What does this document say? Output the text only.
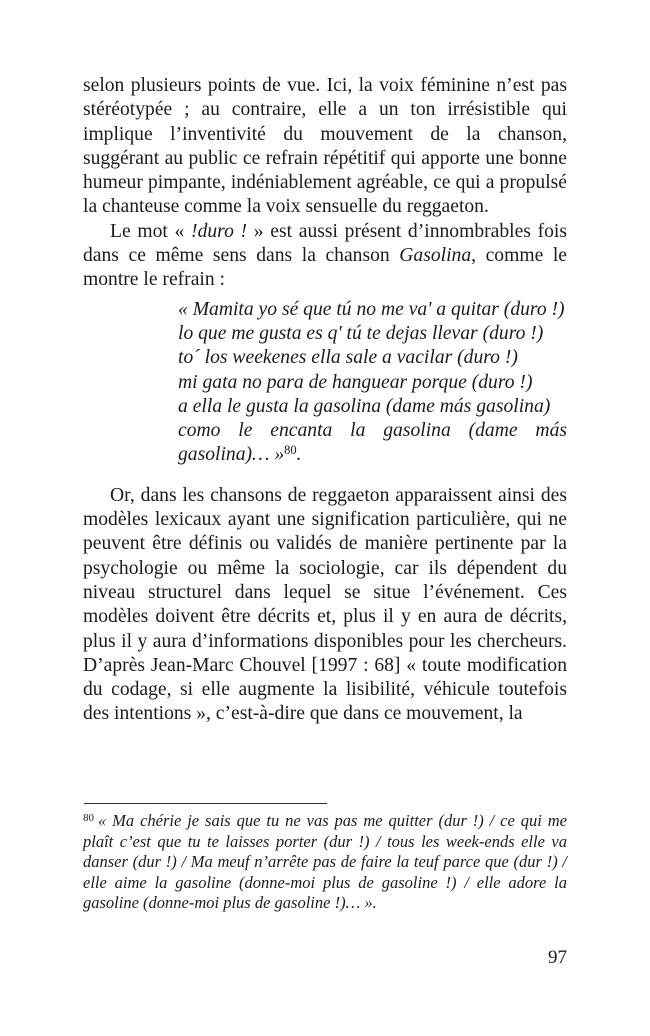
selon plusieurs points de vue. Ici, la voix féminine n’est pas stéréotypée ; au contraire, elle a un ton irrésistible qui implique l’inventivité du mouvement de la chanson, suggérant au public ce refrain répétitif qui apporte une bonne humeur pimpante, indéniablement agréable, ce qui a propulsé la chanteuse comme la voix sensuelle du reggaeton.

Le mot « !duro ! » est aussi présent d’innombrables fois dans ce même sens dans la chanson Gasolina, comme le montre le refrain :

« Mamita yo sé que tú no me va' a quitar (duro !)
lo que me gusta es q' tú te dejas llevar (duro !)
to´ los weekenes ella sale a vacilar (duro !)
mi gata no para de hanguear porque (duro !)
a ella le gusta la gasolina (dame más gasolina)
como le encanta la gasolina (dame más gasolina)… »$^{80}$.

Or, dans les chansons de reggaeton apparaissent ainsi des modèles lexicaux ayant une signification particulière, qui ne peuvent être définis ou validés de manière pertinente par la psychologie ou même la sociologie, car ils dépendent du niveau structurel dans lequel se situe l’événement. Ces modèles doivent être décrits et, plus il y en aura de décrits, plus il y aura d’informations disponibles pour les chercheurs. D’après Jean-Marc Chouvel [1997 : 68] « toute modification du codage, si elle augmente la lisibilité, véhicule toutefois des intentions », c’est-à-dire que dans ce mouvement, la

$^{80}$ « Ma chérie je sais que tu ne vas pas me quitter (dur !) / ce qui me plaît c’est que tu te laisses porter (dur !) / tous les week-ends elle va danser (dur !) / Ma meuf n’arrête pas de faire la teuf parce que (dur !) / elle aime la gasoline (donne-moi plus de gasoline !) / elle adore la gasoline (donne-moi plus de gasoline !)… ».

97
